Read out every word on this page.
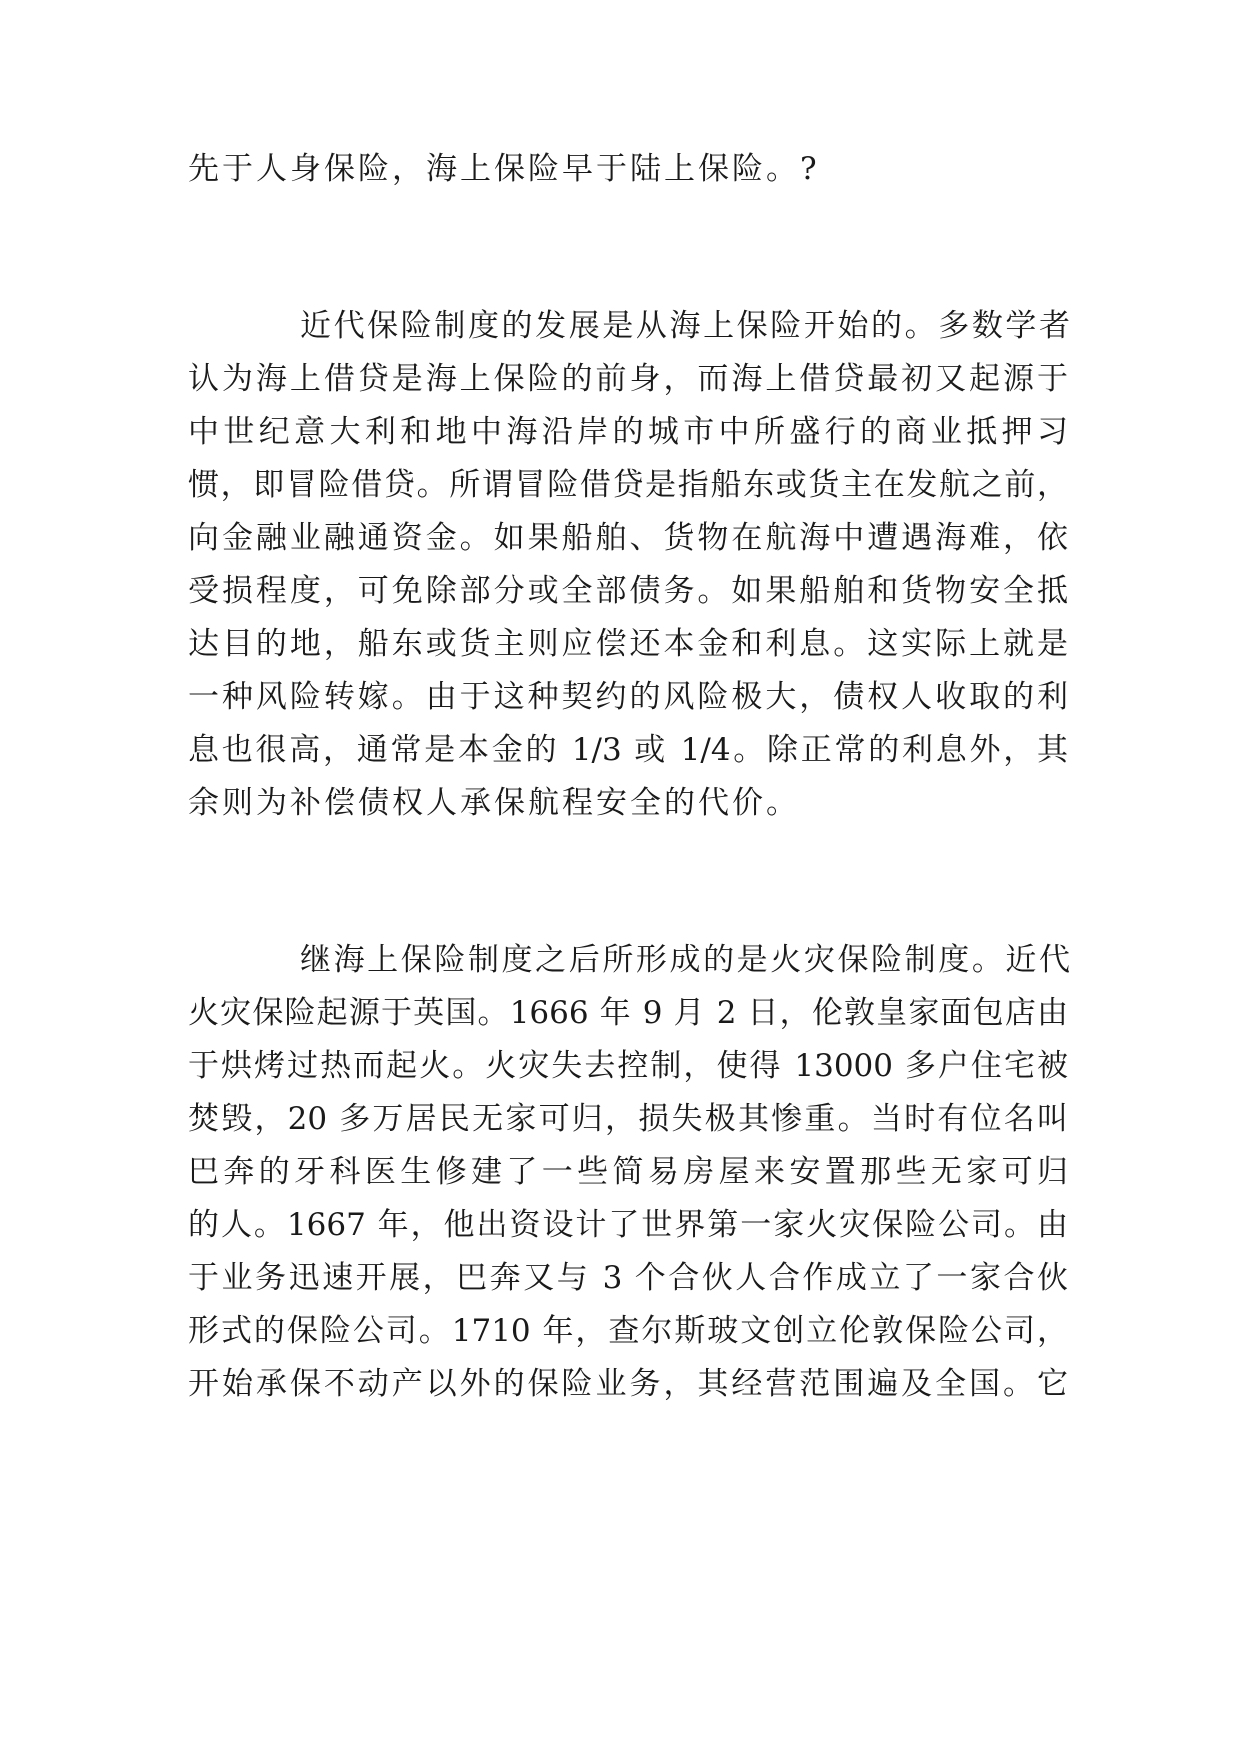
先于人身保险，海上保险早于陆上保险。?

近代保险制度的发展是从海上保险开始的。多数学者

认为海上借贷是海上保险的前身，而海上借贷最初又起源于

中世纪意大利和地中海沿岸的城市中所盛行的商业抵押习

惯，即冒险借贷。所谓冒险借贷是指船东或货主在发航之前，

向金融业融通资金。如果船舶、货物在航海中遭遇海难，依

受损程度，可免除部分或全部债务。如果船舶和货物安全抵

达目的地，船东或货主则应偿还本金和利息。这实际上就是

一种风险转嫁。由于这种契约的风险极大，债权人收取的利

息也很高，通常是本金的 1/3 或 1/4。除正常的利息外，其

余则为补偿债权人承保航程安全的代价。

继海上保险制度之后所形成的是火灾保险制度。近代

火灾保险起源于英国。1666 年 9 月 2 日，伦敦皇家面包店由

于烘烤过热而起火。火灾失去控制，使得 13000 多户住宅被

焚毁，20 多万居民无家可归，损失极其惨重。当时有位名叫

巴奔的牙科医生修建了一些简易房屋来安置那些无家可归

的人。1667 年，他出资设计了世界第一家火灾保险公司。由

于业务迅速开展，巴奔又与 3 个合伙人合作成立了一家合伙

形式的保险公司。1710 年，查尔斯玻文创立伦敦保险公司，

开始承保不动产以外的保险业务，其经营范围遍及全国。它
